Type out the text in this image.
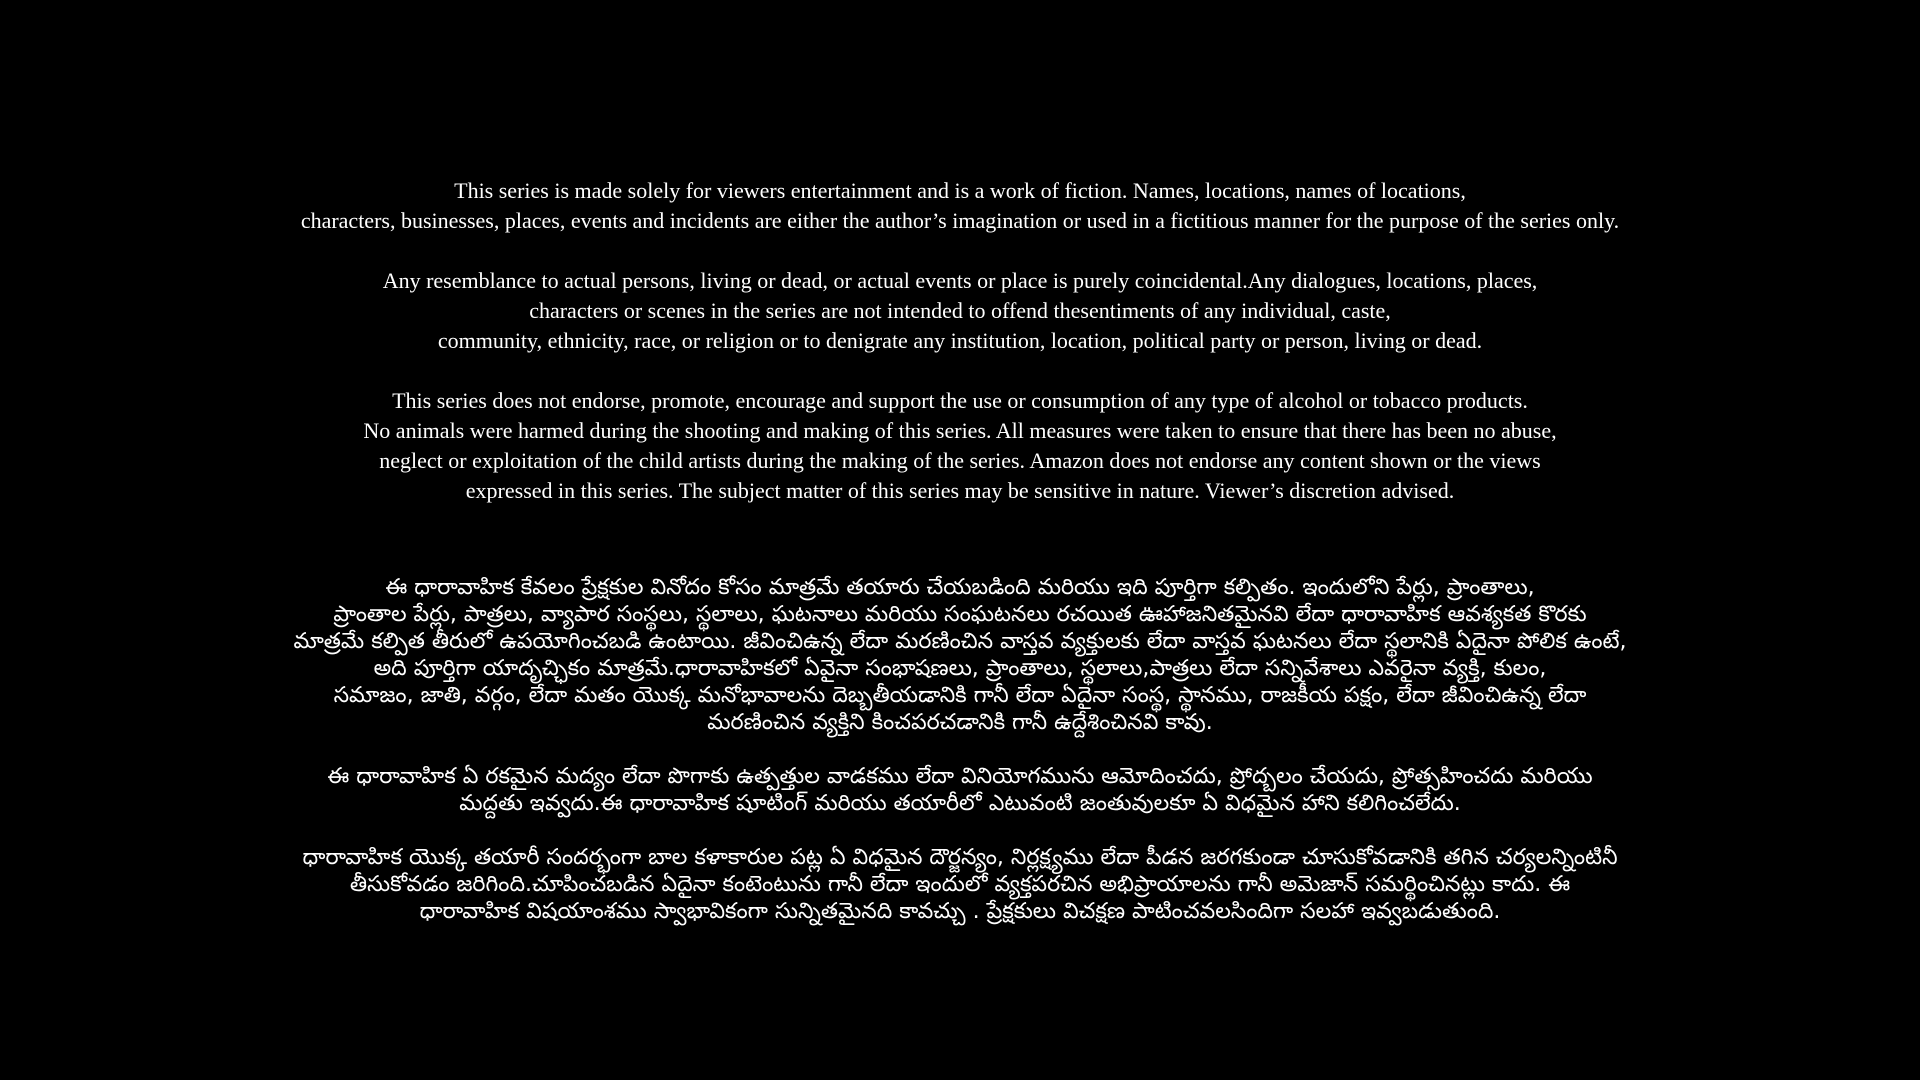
This series is made solely for viewers entertainment and is a work of fiction. Names, locations, names of locations,
characters, businesses, places, events and incidents are either the author’s imagination or used in a fictitious manner for the purpose of the series only.
Any resemblance to actual persons, living or dead, or actual events or place is purely coincidental.Any dialogues, locations, places,
characters or scenes in the series are not intended to offend thesentiments of any individual, caste,
community, ethnicity, race, or religion or to denigrate any institution, location, political party or person, living or dead.
This series does not endorse, promote, encourage and support the use or consumption of any type of alcohol or tobacco products.
No animals were harmed during the shooting and making of this series. All measures were taken to ensure that there has been no abuse,
neglect or exploitation of the child artists during the making of the series. Amazon does not endorse any content shown or the views
expressed in this series. The subject matter of this series may be sensitive in nature. Viewer’s discretion advised.
ఈ ధారావాహిక కేవలం ప్రేక్షకుల వినోదం కోసం మాత్రమే తయారు చేయబడింది మరియు ఇది పూర్తిగా కల్పితం. ఇందులోని పేర్లు, ప్రాంతాలు,
ప్రాంతాల పేర్లు, పాత్రలు, వ్యాపార సంస్థలు, స్థలాలు, ఘటనాలు మరియు సంఘటనలు రచయిత ఊహాజనితమైనవి లేదా ధారావాహిక ఆవశ్యకత కొరకు
మాత్రమే కల్పిత తీరులో ఉపయోగించబడి ఉంటాయి. జీవించిఉన్న లేదా మరణించిన వాస్తవ వ్యక్తులకు లేదా వాస్తవ ఘటనలు లేదా స్థలానికి ఏదైనా పోలిక ఉంటే,
అది పూర్తిగా యాదృచ్ఛికం మాత్రమే.ధారావాహికలో ఏవైనా సంభాషణలు, ప్రాంతాలు, స్థలాలు,పాత్రలు లేదా సన్నివేశాలు ఎవరైనా వ్యక్తి, కులం,
సమాజం, జాతి, వర్గం, లేదా మతం యొక్క మనోభావాలను దెబ్బతీయడానికి గానీ లేదా ఏదైనా సంస్థ, స్థానము, రాజకీయ పక్షం, లేదా జీవించిఉన్న లేదా
మరణించిన వ్యక్తిని కించపరచడానికి గానీ ఉద్దేశించినవి కావు.
ఈ ధారావాహిక ఏ రకమైన మద్యం లేదా పొగాకు ఉత్పత్తుల వాడకము లేదా వినియోగమును ఆమోదించదు, ప్రోద్బలం చేయదు, ప్రోత్సహించదు మరియు
మద్దతు ఇవ్వదు.ఈ ధారావాహిక షూటింగ్ మరియు తయారీలో ఎటువంటి జంతువులకూ ఏ విధమైన హాని కలిగించలేదు.
ధారావాహిక యొక్క తయారీ సందర్భంగా బాల కళాకారుల పట్ల ఏ విధమైన దౌర్జన్యం, నిర్లక్ష్యము లేదా పీడన జరగకుండా చూసుకోవడానికి తగిన చర్యలన్నింటినీ
తీసుకోవడం జరిగింది.చూపించబడిన ఏదైనా కంటెంటును గానీ లేదా ఇందులో వ్యక్తపరచిన అభిప్రాయాలను గానీ అమెజాన్ సమర్థించినట్లు కాదు. ఈ
ధారావాహిక విషయాంశము స్వాభావికంగా సున్నితమైనది కావచ్చు . ప్రేక్షకులు విచక్షణ పాటించవలసిందిగా సలహా ఇవ్వబడుతుంది.
